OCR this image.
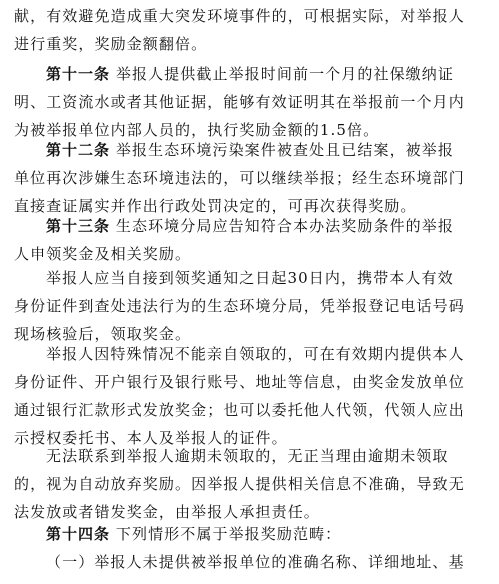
献，有效避免造成重大突发环境事件的，可根据实际，对举报人
进行重奖，奖励金额翻倍。
第十一条 举报人提供截止举报时间前一个月的社保缴纳证
明、工资流水或者其他证据，能够有效证明其在举报前一个月内
为被举报单位内部人员的，执行奖励金额的1.5倍。
第十二条 举报生态环境污染案件被查处且已结案，被举报
单位再次涉嫌生态环境违法的，可以继续举报；经生态环境部门
直接查证属实并作出行政处罚决定的，可再次获得奖励。
第十三条 生态环境分局应告知符合本办法奖励条件的举报
人申领奖金及相关奖励。
举报人应当自接到领奖通知之日起30日内，携带本人有效
身份证件到查处违法行为的生态环境分局，凭举报登记电话号码
现场核验后，领取奖金。
举报人因特殊情况不能亲自领取的，可在有效期内提供本人
身份证件、开户银行及银行账号、地址等信息，由奖金发放单位
通过银行汇款形式发放奖金；也可以委托他人代领，代领人应出
示授权委托书、本人及举报人的证件。
无法联系到举报人逾期未领取的，无正当理由逾期未领取
的，视为自动放弃奖励。因举报人提供相关信息不准确，导致无
法发放或者错发奖金，由举报人承担责任。
第十四条 下列情形不属于举报奖励范畴：
（一）举报人未提供被举报单位的准确名称、详细地址、基
